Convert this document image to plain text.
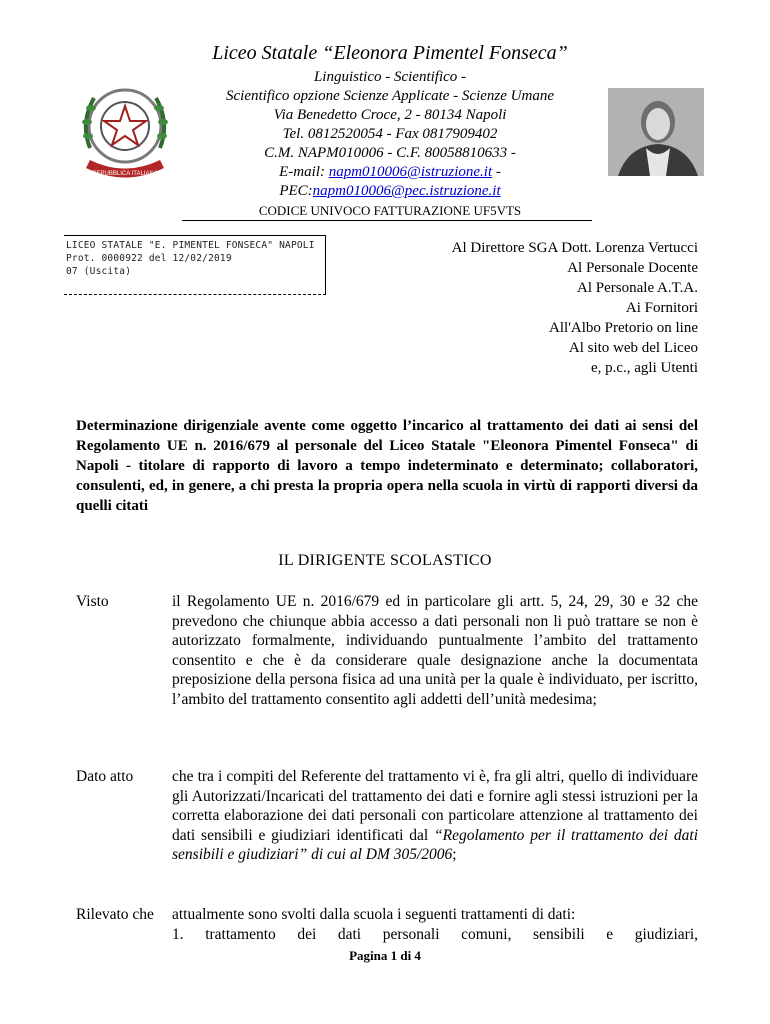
REPUBBLICA ITALIANA
Liceo Statale “Eleonora Pimentel Fonseca”
Linguistico - Scientifico -
Scientifico opzione Scienze Applicate - Scienze Umane
Via Benedetto Croce, 2 - 80134 Napoli
Tel. 0812520054 - Fax 0817909402
C.M. NAPM010006 - C.F. 80058810633 -
E-mail: napm010006@istruzione.it -
PEC:napm010006@pec.istruzione.it
CODICE UNIVOCO FATTURAZIONE UF5VTS
LICEO STATALE "E. PIMENTEL FONSECA" NAPOLI
Prot. 0000922 del 12/02/2019
07 (Uscita)
Al Direttore SGA Dott. Lorenza Vertucci
Al Personale Docente
Al Personale A.T.A.
Ai Fornitori
All'Albo Pretorio on line
Al sito web del Liceo
e, p.c., agli Utenti
Determinazione dirigenziale avente come oggetto l’incarico al trattamento dei dati ai sensi del Regolamento UE n. 2016/679 al personale del Liceo Statale "Eleonora Pimentel Fonseca" di Napoli - titolare di rapporto di lavoro a tempo indeterminato e determinato; collaboratori, consulenti, ed, in genere, a chi presta la propria opera nella scuola in virtù di rapporti diversi da quelli citati
IL DIRIGENTE SCOLASTICO
Visto	il Regolamento UE n. 2016/679 ed in particolare gli artt. 5, 24, 29, 30 e 32 che prevedono che chiunque abbia accesso a dati personali non li può trattare se non è autorizzato formalmente, individuando puntualmente l’ambito del trattamento consentito e che è da considerare quale designazione anche la documentata preposizione della persona fisica ad una unità per la quale è individuato, per iscritto, l’ambito del trattamento consentito agli addetti dell’unità medesima;
Dato atto	che tra i compiti del Referente del trattamento vi è, fra gli altri, quello di individuare gli Autorizzati/Incaricati del trattamento dei dati e fornire agli stessi istruzioni per la corretta elaborazione dei dati personali con particolare attenzione al trattamento dei dati sensibili e giudiziari identificati dal “Regolamento per il trattamento dei dati sensibili e giudiziari” di cui al DM 305/2006;
Rilevato che attualmente sono svolti dalla scuola i seguenti trattamenti di dati:
1. trattamento dei dati personali comuni, sensibili e giudiziari,
Pagina 1 di 4
